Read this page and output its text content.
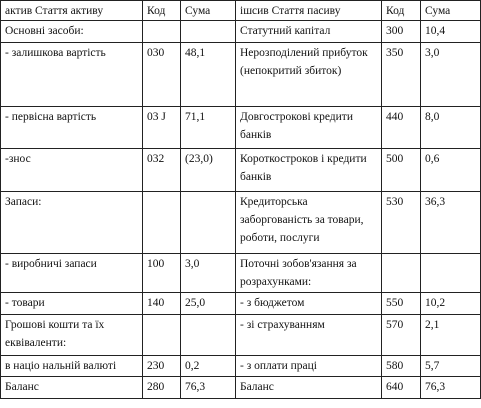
актив Стаття активу	Код	Сума	ішсив Стаття пасиву	Код	Сума
Основні засоби:			Статутний капітал	300	10,4
- залишкова вартість	030	48,1	Нерозподілений прибуток (непокритий збиток)	350	3,0
- первісна вартість	03 J	71,1	Довгострокові кредити банків	440	8,0
-знос	032	(23,0)	Короткостроков і кредити банків	500	0,6
Запаси:			Кредиторська заборгованість за товари, роботи, послуги	530	36,3
- виробничі запаси	100	3,0	Поточні зобов'язання за розрахунками:		
- товари	140	25,0	- з бюджетом	550	10,2
Грошові кошти та їх еквіваленти:			- зі страхуванням	570	2,1
в націо нальній валюті	230	0,2	- з оплати праці	580	5,7
Баланс	280	76,3	Баланс	640	76,3
